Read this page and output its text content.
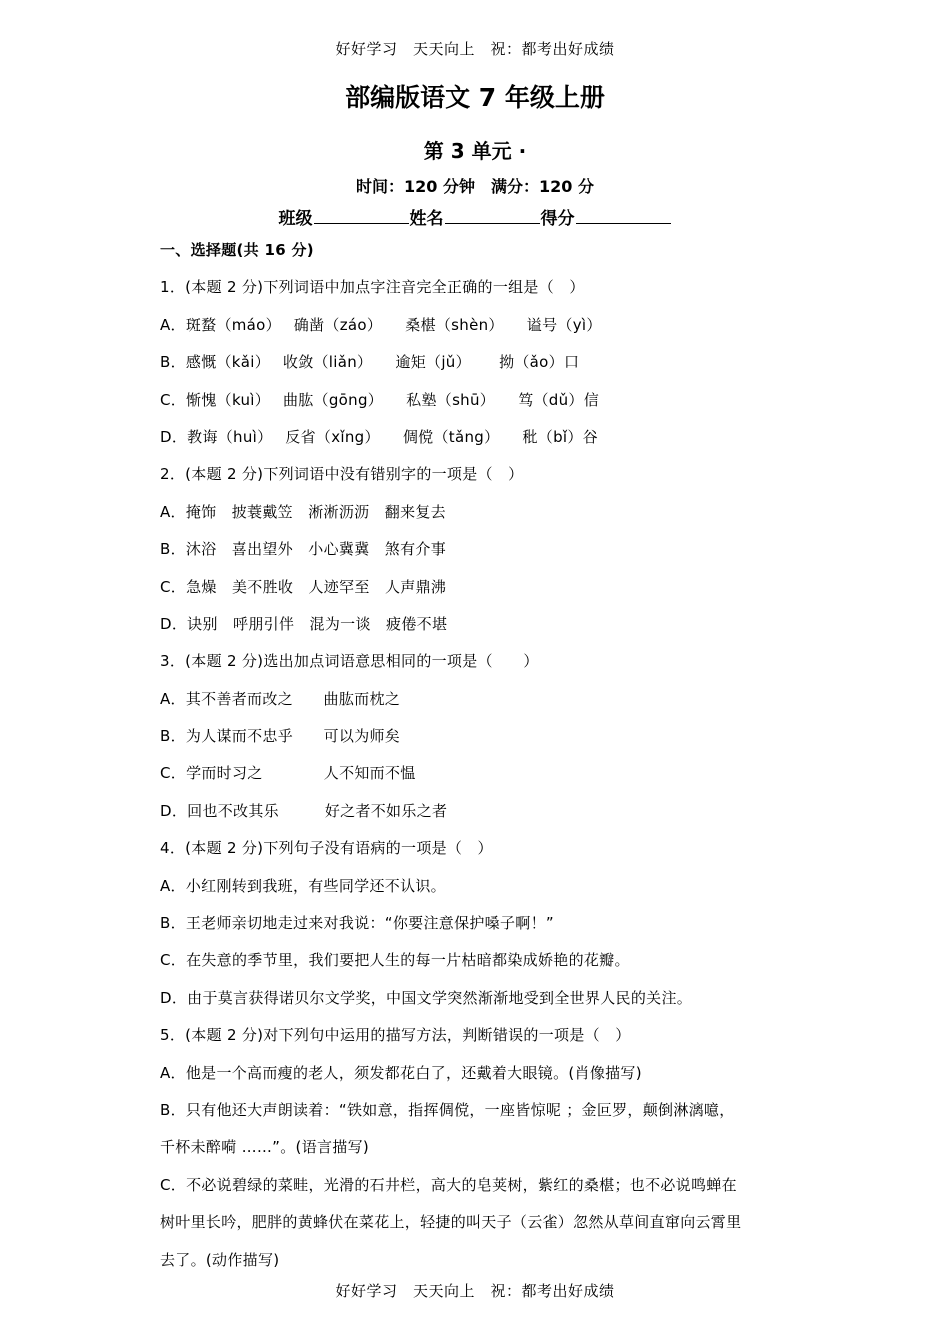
好好学习　天天向上　祝：都考出好成绩
部编版语文 7 年级上册
第 3 单元 ·
时间：120 分钟　满分：120 分
班级	姓名	得分
一、选择题(共 16 分)
1．(本题 2 分)下列词语中加点字注音完全正确的一组是（　）
A．斑蝥（máo）　 确凿（záo）　　桑椹（shèn）　　谥号（yì）
B．感慨（kǎi）　 收敛（liǎn）　　逾矩（jǔ）　　 拗（ǎo）口
C．惭愧（kuì）　 曲肱（gōng）　　私塾（shū）　　笃（dǔ）信
D．教诲（huì）　 反省（xǐng）　　倜傥（tǎng）　　秕（bǐ）谷
2．(本题 2 分)下列词语中没有错别字的一项是（　）
A．掩饰　披蓑戴笠　淅淅沥沥　翻来复去
B．沐浴　喜出望外　小心冀冀　煞有介事
C．急燥　美不胜收　人迹罕至　人声鼎沸
D．诀别　呼朋引伴　混为一谈　疲倦不堪
3．(本题 2 分)选出加点词语意思相同的一项是（　　）
A．其不善者而改之　　曲肱而枕之
B．为人谋而不忠乎　　可以为师矣
C．学而时习之　　　　人不知而不愠
D．回也不改其乐　　　好之者不如乐之者
4．(本题 2 分)下列句子没有语病的一项是（　）
A．小红刚转到我班，有些同学还不认识。
B．王老师亲切地走过来对我说：“你要注意保护嗓子啊！”
C．在失意的季节里，我们要把人生的每一片枯暗都染成娇艳的花瓣。
D．由于莫言获得诺贝尔文学奖，中国文学突然渐渐地受到全世界人民的关注。
5．(本题 2 分)对下列句中运用的描写方法，判断错误的一项是（　）
A．他是一个高而瘦的老人，须发都花白了，还戴着大眼镜。(肖像描写)
B．只有他还大声朗读着：“铁如意，指挥倜傥，一座皆惊呢 ；金叵罗，颠倒淋漓噫，
千杯未醉嗬 ……”。(语言描写)
C．不必说碧绿的菜畦，光滑的石井栏，高大的皂荚树，紫红的桑椹；也不必说鸣蝉在
树叶里长吟，肥胖的黄蜂伏在菜花上，轻捷的叫天子（云雀）忽然从草间直窜向云霄里
去了。(动作描写)
好好学习　天天向上　祝：都考出好成绩
